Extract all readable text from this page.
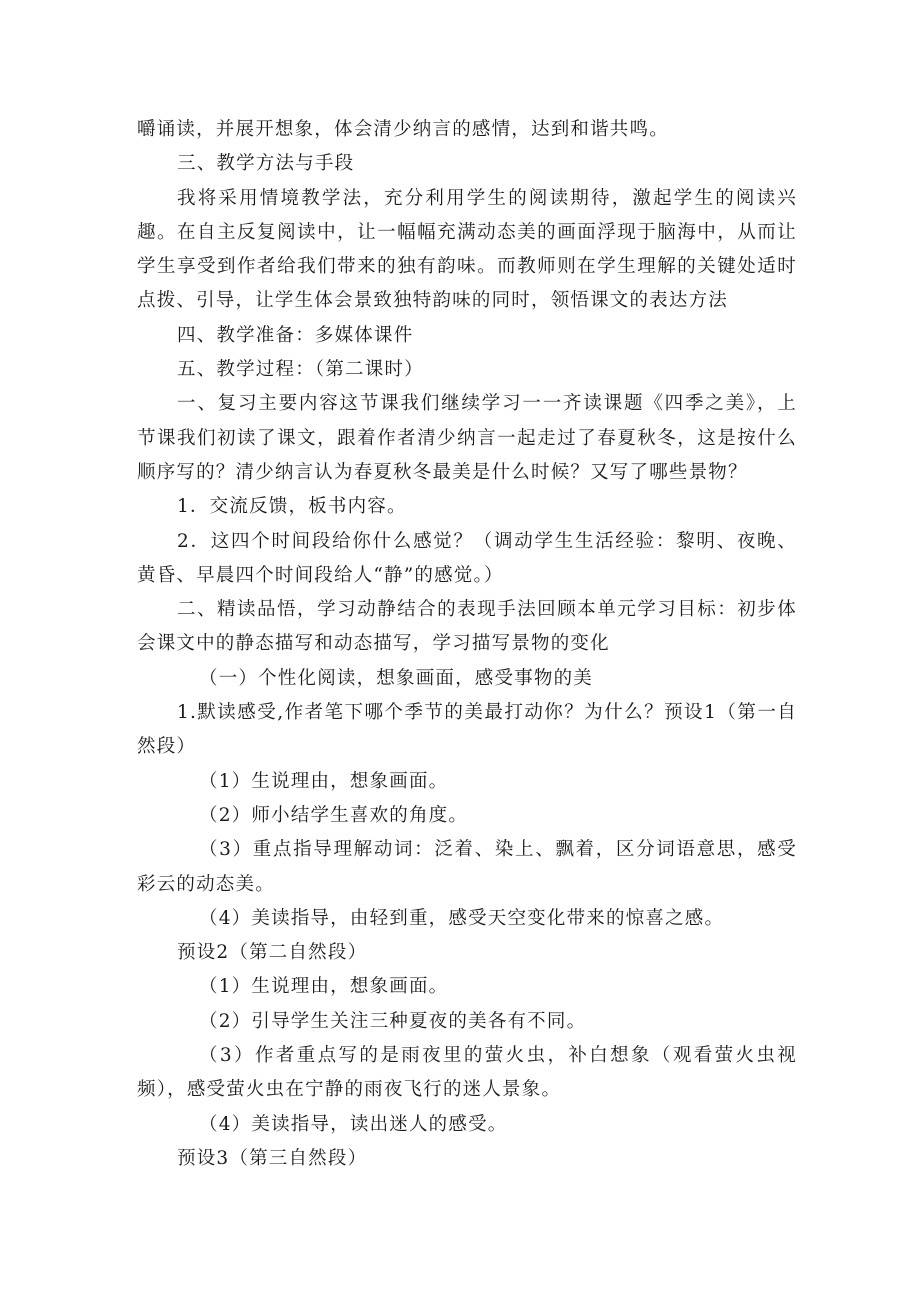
嚼诵读，并展开想象，体会清少纳言的感情，达到和谐共鸣。

三、教学方法与手段

我将采用情境教学法，充分利用学生的阅读期待，激起学生的阅读兴趣。在自主反复阅读中，让一幅幅充满动态美的画面浮现于脑海中，从而让学生享受到作者给我们带来的独有韵味。而教师则在学生理解的关键处适时点拨、引导，让学生体会景致独特韵味的同时，领悟课文的表达方法

四、教学准备：多媒体课件

五、教学过程：（第二课时）

一、复习主要内容这节课我们继续学习一一齐读课题《四季之美》，上节课我们初读了课文，跟着作者清少纳言一起走过了春夏秋冬，这是按什么顺序写的？清少纳言认为春夏秋冬最美是什么时候？又写了哪些景物？

1．交流反馈，板书内容。

2．这四个时间段给你什么感觉？（调动学生生活经验：黎明、夜晚、黄昏、早晨四个时间段给人“静”的感觉。）

二、精读品悟，学习动静结合的表现手法回顾本单元学习目标：初步体会课文中的静态描写和动态描写，学习描写景物的变化

（一）个性化阅读，想象画面，感受事物的美

1.默读感受,作者笔下哪个季节的美最打动你？为什么？预设1（第一自然段）

（1）生说理由，想象画面。

（2）师小结学生喜欢的角度。

（3）重点指导理解动词：泛着、染上、飘着，区分词语意思，感受彩云的动态美。

（4）美读指导，由轻到重，感受天空变化带来的惊喜之感。

预设2（第二自然段）

（1）生说理由，想象画面。

（2）引导学生关注三种夏夜的美各有不同。

（3）作者重点写的是雨夜里的萤火虫，补白想象（观看萤火虫视频），感受萤火虫在宁静的雨夜飞行的迷人景象。

（4）美读指导，读出迷人的感受。

预设3（第三自然段）
